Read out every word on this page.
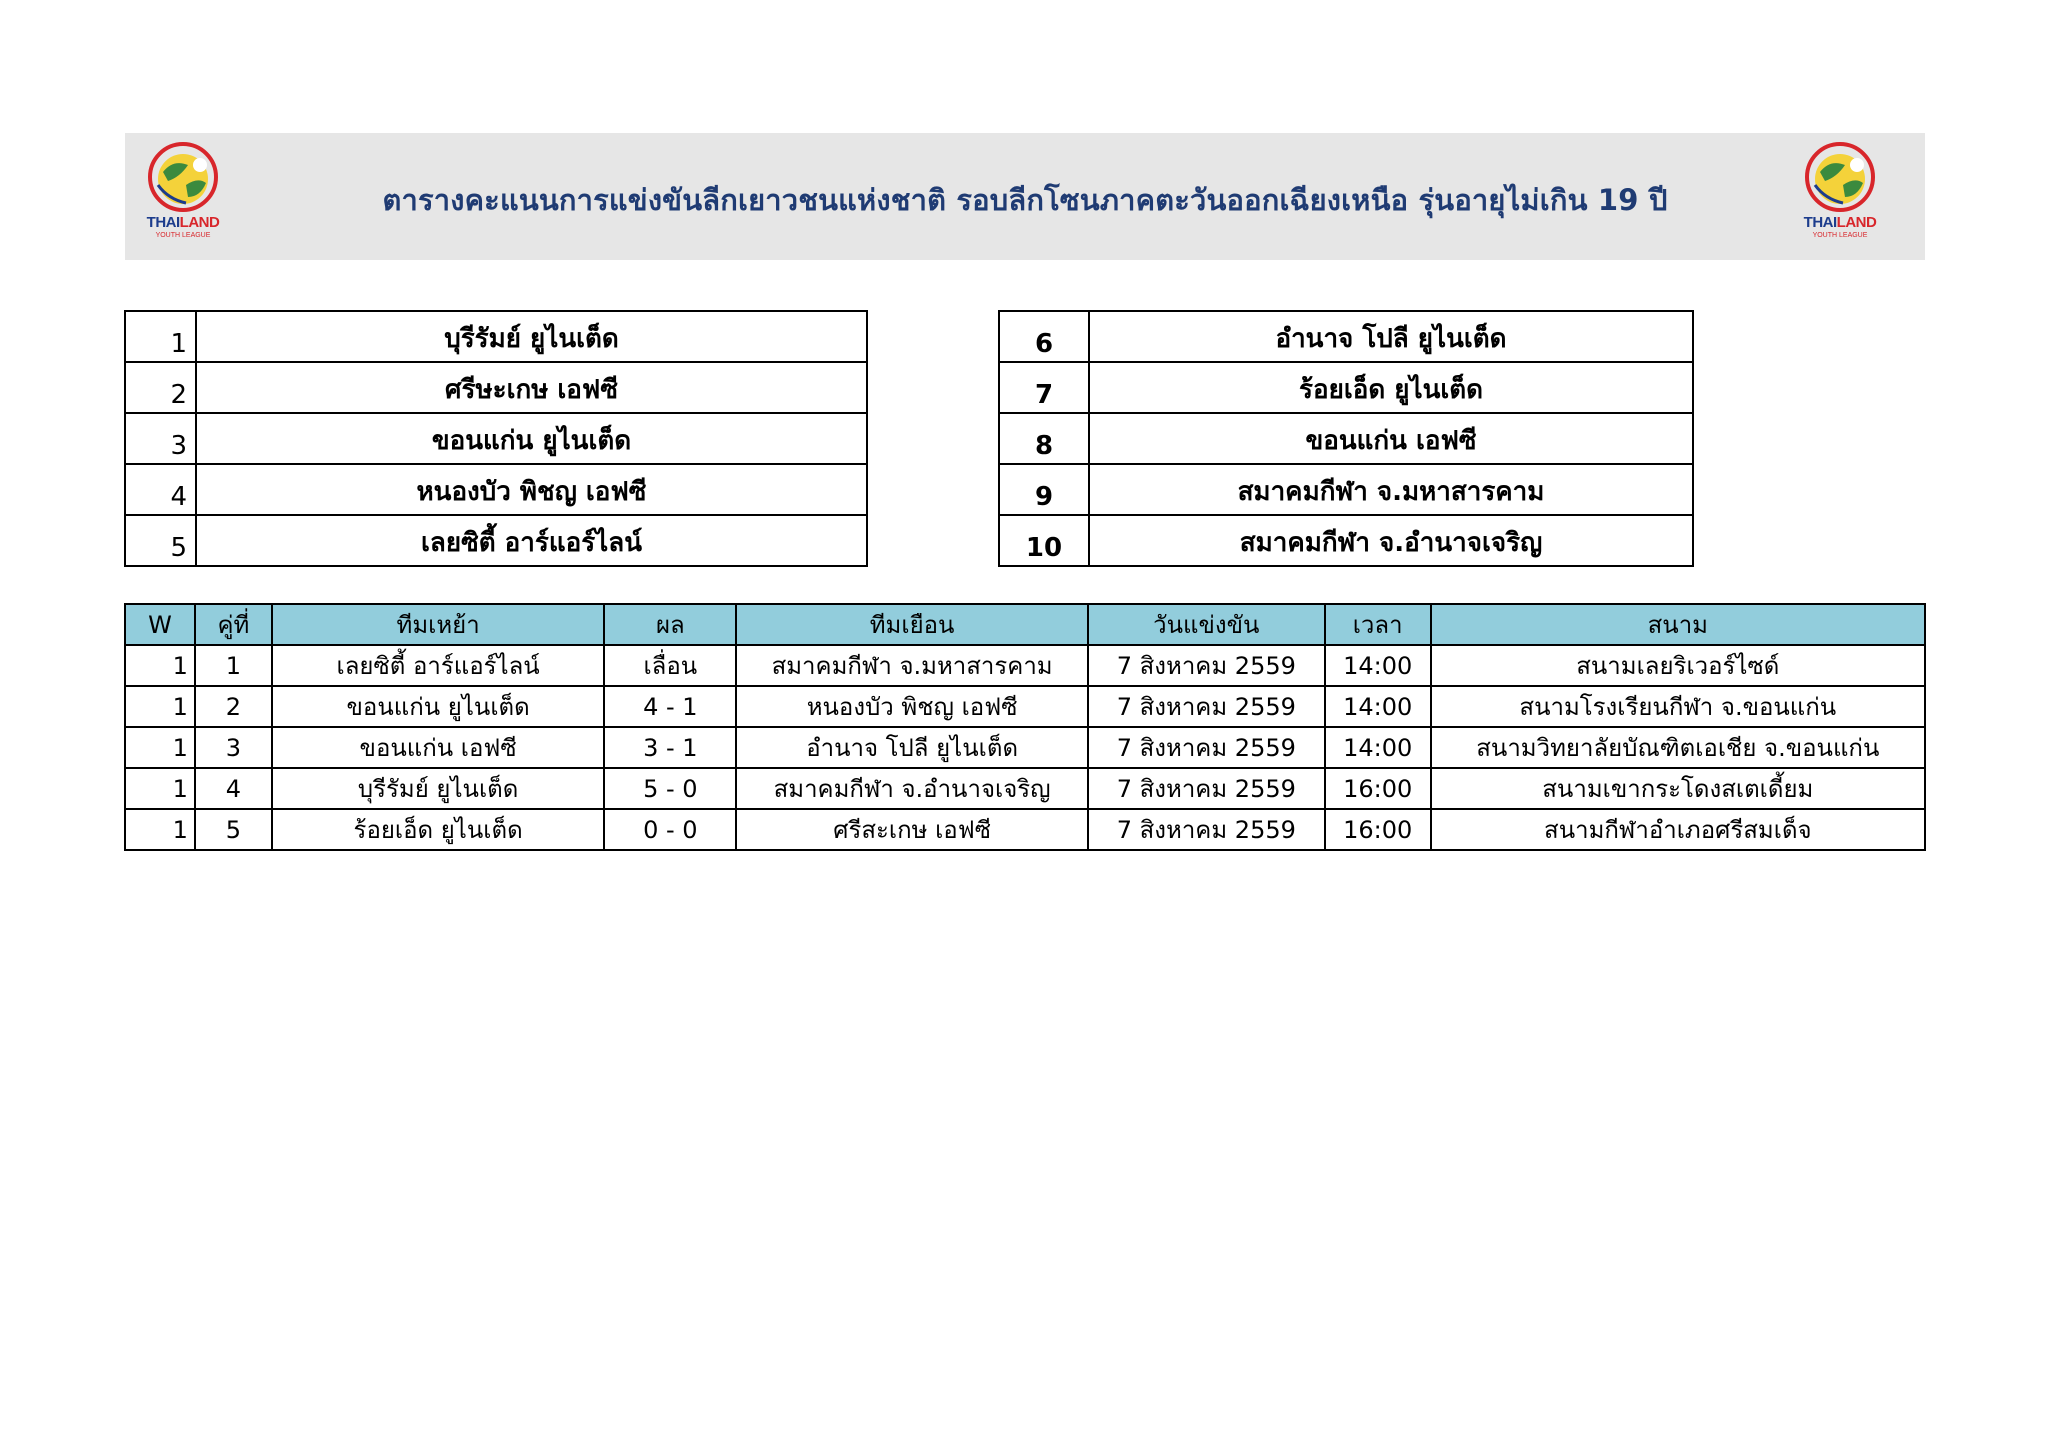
THAILAND
YOUTH LEAGUE
ตารางคะแนนการแข่งขันลีกเยาวชนแห่งชาติ รอบลีกโซนภาคตะวันออกเฉียงเหนือ รุ่นอายุไม่เกิน 19 ปี
THAILAND
YOUTH LEAGUE
1	บุรีรัมย์ ยูไนเต็ด
2	ศรีษะเกษ เอฟซี
3	ขอนแก่น ยูไนเต็ด
4	หนองบัว พิชญ เอฟซี
5	เลยซิตี้ อาร์แอร์ไลน์
6	อำนาจ โปลี ยูไนเต็ด
7	ร้อยเอ็ด ยูไนเต็ด
8	ขอนแก่น เอฟซี
9	สมาคมกีฬา จ.มหาสารคาม
10	สมาคมกีฬา จ.อำนาจเจริญ
W	คู่ที่	ทีมเหย้า	ผล	ทีมเยือน	วันแข่งขัน	เวลา	สนาม
1	1	เลยซิตี้ อาร์แอร์ไลน์	เลื่อน	สมาคมกีฬา จ.มหาสารคาม	7 สิงหาคม 2559	14:00	สนามเลยริเวอร์ไซด์
1	2	ขอนแก่น ยูไนเต็ด	4 - 1	หนองบัว พิชญ เอฟซี	7 สิงหาคม 2559	14:00	สนามโรงเรียนกีฬา จ.ขอนแก่น
1	3	ขอนแก่น เอฟซี	3 - 1	อำนาจ โปลี ยูไนเต็ด	7 สิงหาคม 2559	14:00	สนามวิทยาลัยบัณฑิตเอเชีย จ.ขอนแก่น
1	4	บุรีรัมย์ ยูไนเต็ด	5 - 0	สมาคมกีฬา จ.อำนาจเจริญ	7 สิงหาคม 2559	16:00	สนามเขากระโดงสเตเดี้ยม
1	5	ร้อยเอ็ด ยูไนเต็ด	0 - 0	ศรีสะเกษ เอฟซี	7 สิงหาคม 2559	16:00	สนามกีฬาอำเภอศรีสมเด็จ
